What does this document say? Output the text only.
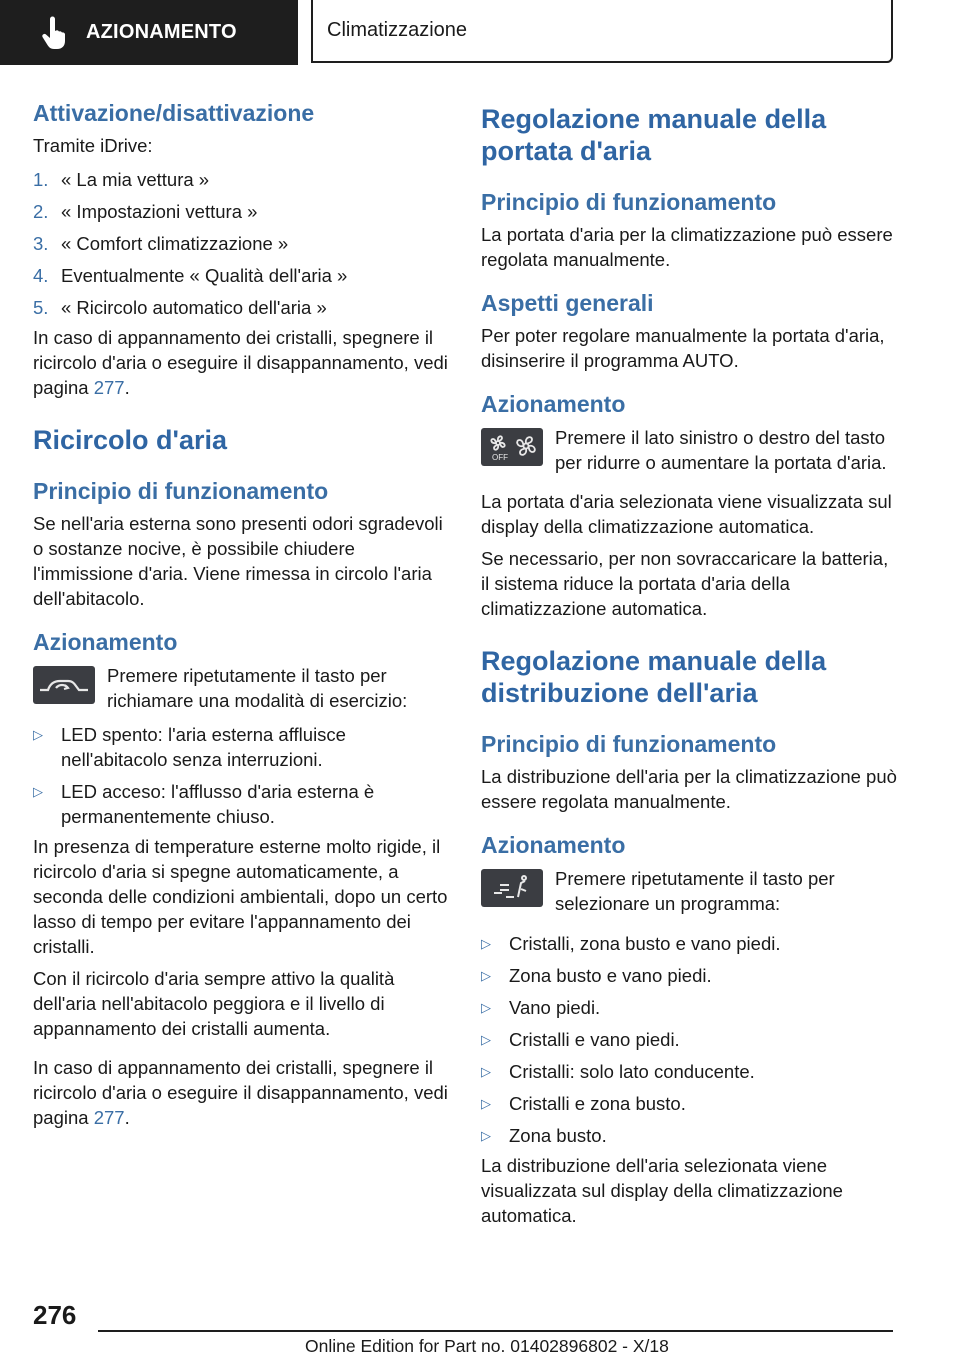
AZIONAMENTO	Climatizzazione
Attivazione/disattivazione

Tramite iDrive:

1. « La mia vettura »
2. « Impostazioni vettura »
3. « Comfort climatizzazione »
4. Eventualmente « Qualità dell'aria »
5. « Ricircolo automatico dell'aria »

In caso di appannamento dei cristalli, spegnere il ricircolo d'aria o eseguire il disappannamento, vedi pagina 277.

Ricircolo d'aria
Principio di funzionamento

Se nell'aria esterna sono presenti odori sgradevoli o sostanze nocive, è possibile chiudere l'immissione d'aria. Viene rimessa in circolo l'aria dell'abitacolo.

Azionamento

Premere ripetutamente il tasto per richiamare una modalità di esercizio:

▷ LED spento: l'aria esterna affluisce nell'abitacolo senza interruzioni.
▷ LED acceso: l'afflusso d'aria esterna è permanentemente chiuso.

In presenza di temperature esterne molto rigide, il ricircolo d'aria si spegne automaticamente, a seconda delle condizioni ambientali, dopo un certo lasso di tempo per evitare l'appannamento dei cristalli.

Con il ricircolo d'aria sempre attivo la qualità dell'aria nell'abitacolo peggiora e il livello di appannamento dei cristalli aumenta.

In caso di appannamento dei cristalli, spegnere il ricircolo d'aria o eseguire il disappannamento, vedi pagina 277.

Regolazione manuale della portata d'aria
Principio di funzionamento

La portata d'aria per la climatizzazione può essere regolata manualmente.

Aspetti generali

Per poter regolare manualmente la portata d'aria, disinserire il programma AUTO.

Azionamento
OFF

Premere il lato sinistro o destro del tasto per ridurre o aumentare la portata d'aria.

La portata d'aria selezionata viene visualizzata sul display della climatizzazione automatica.

Se necessario, per non sovraccaricare la batteria, il sistema riduce la portata d'aria della climatizzazione automatica.

Regolazione manuale della distribuzione dell'aria
Principio di funzionamento

La distribuzione dell'aria per la climatizzazione può essere regolata manualmente.

Azionamento

Premere ripetutamente il tasto per selezionare un programma:

▷ Cristalli, zona busto e vano piedi.
▷ Zona busto e vano piedi.
▷ Vano piedi.
▷ Cristalli e vano piedi.
▷ Cristalli: solo lato conducente.
▷ Cristalli e zona busto.
▷ Zona busto.

La distribuzione dell'aria selezionata viene visualizzata sul display della climatizzazione automatica.

276
Online Edition for Part no. 01402896802 - X/18
